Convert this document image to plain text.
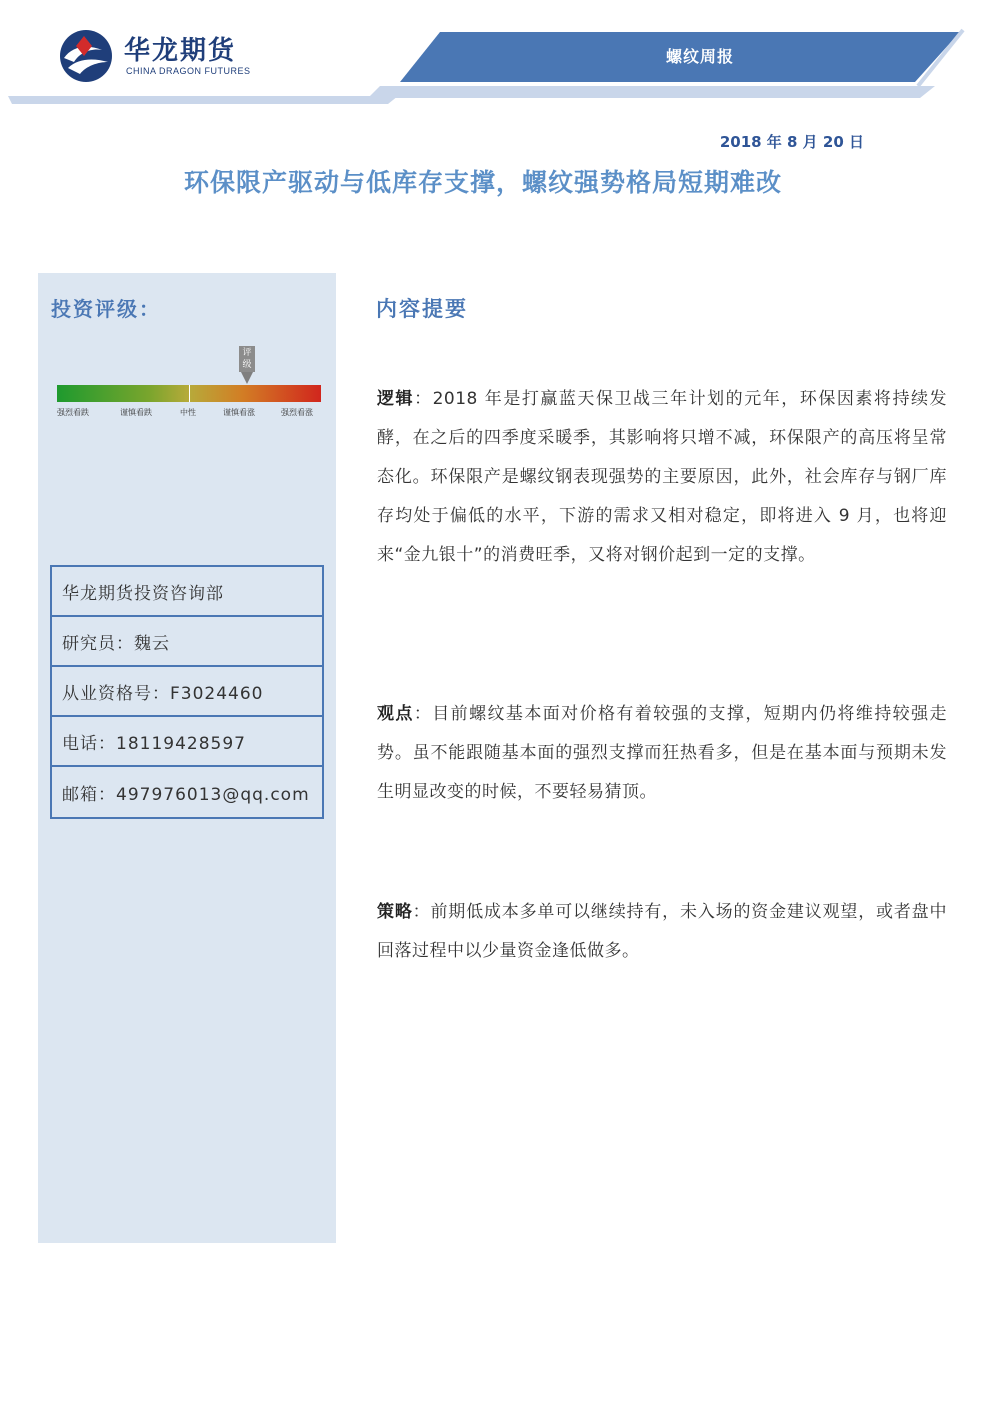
华龙期货
CHINA DRAGON FUTURES
螺纹周报
2018 年 8 月 20 日
环保限产驱动与低库存支撑，螺纹强势格局短期难改
投资评级：
评级
强烈看跌	谨慎看跌	中性	谨慎看涨	强烈看涨
华龙期货投资咨询部
研究员：魏云
从业资格号：F3024460
电话：18119428597
邮箱：497976013@qq.com
内容提要
逻辑：2018 年是打赢蓝天保卫战三年计划的元年，环保因素将持续发酵，在之后的四季度采暖季，其影响将只增不减，环保限产的高压将呈常态化。环保限产是螺纹钢表现强势的主要原因，此外，社会库存与钢厂库存均处于偏低的水平，下游的需求又相对稳定，即将进入 9 月，也将迎来“金九银十”的消费旺季，又将对钢价起到一定的支撑。
观点：目前螺纹基本面对价格有着较强的支撑，短期内仍将维持较强走势。虽不能跟随基本面的强烈支撑而狂热看多，但是在基本面与预期未发生明显改变的时候，不要轻易猜顶。
策略：前期低成本多单可以继续持有，未入场的资金建议观望，或者盘中回落过程中以少量资金逢低做多。
